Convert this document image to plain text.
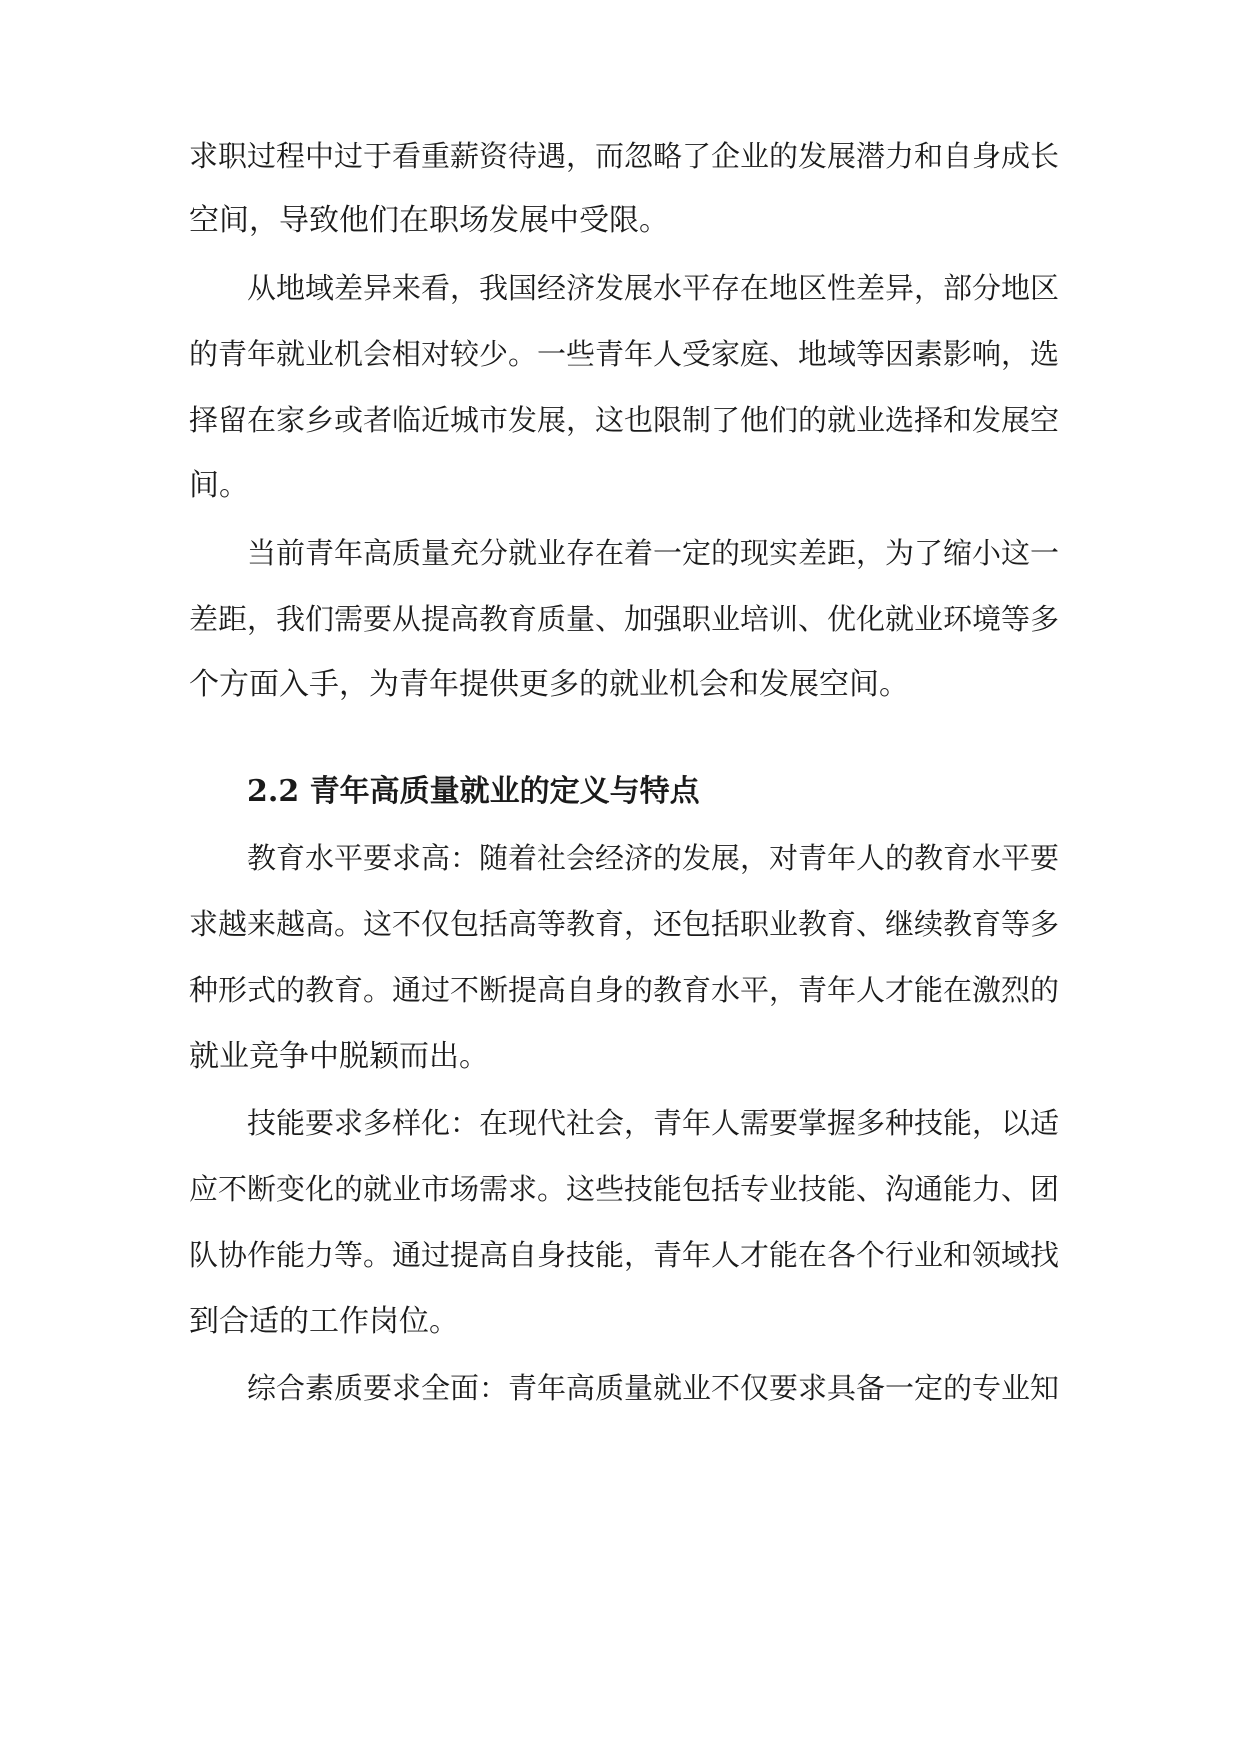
求职过程中过于看重薪资待遇，而忽略了企业的发展潜力和自身成长
空间，导致他们在职场发展中受限。
从地域差异来看，我国经济发展水平存在地区性差异，部分地区
的青年就业机会相对较少。一些青年人受家庭、地域等因素影响，选
择留在家乡或者临近城市发展，这也限制了他们的就业选择和发展空
间。
当前青年高质量充分就业存在着一定的现实差距，为了缩小这一
差距，我们需要从提高教育质量、加强职业培训、优化就业环境等多
个方面入手，为青年提供更多的就业机会和发展空间。
2.2 青年高质量就业的定义与特点
教育水平要求高：随着社会经济的发展，对青年人的教育水平要
求越来越高。这不仅包括高等教育，还包括职业教育、继续教育等多
种形式的教育。通过不断提高自身的教育水平，青年人才能在激烈的
就业竞争中脱颖而出。
技能要求多样化：在现代社会，青年人需要掌握多种技能，以适
应不断变化的就业市场需求。这些技能包括专业技能、沟通能力、团
队协作能力等。通过提高自身技能，青年人才能在各个行业和领域找
到合适的工作岗位。
综合素质要求全面：青年高质量就业不仅要求具备一定的专业知
